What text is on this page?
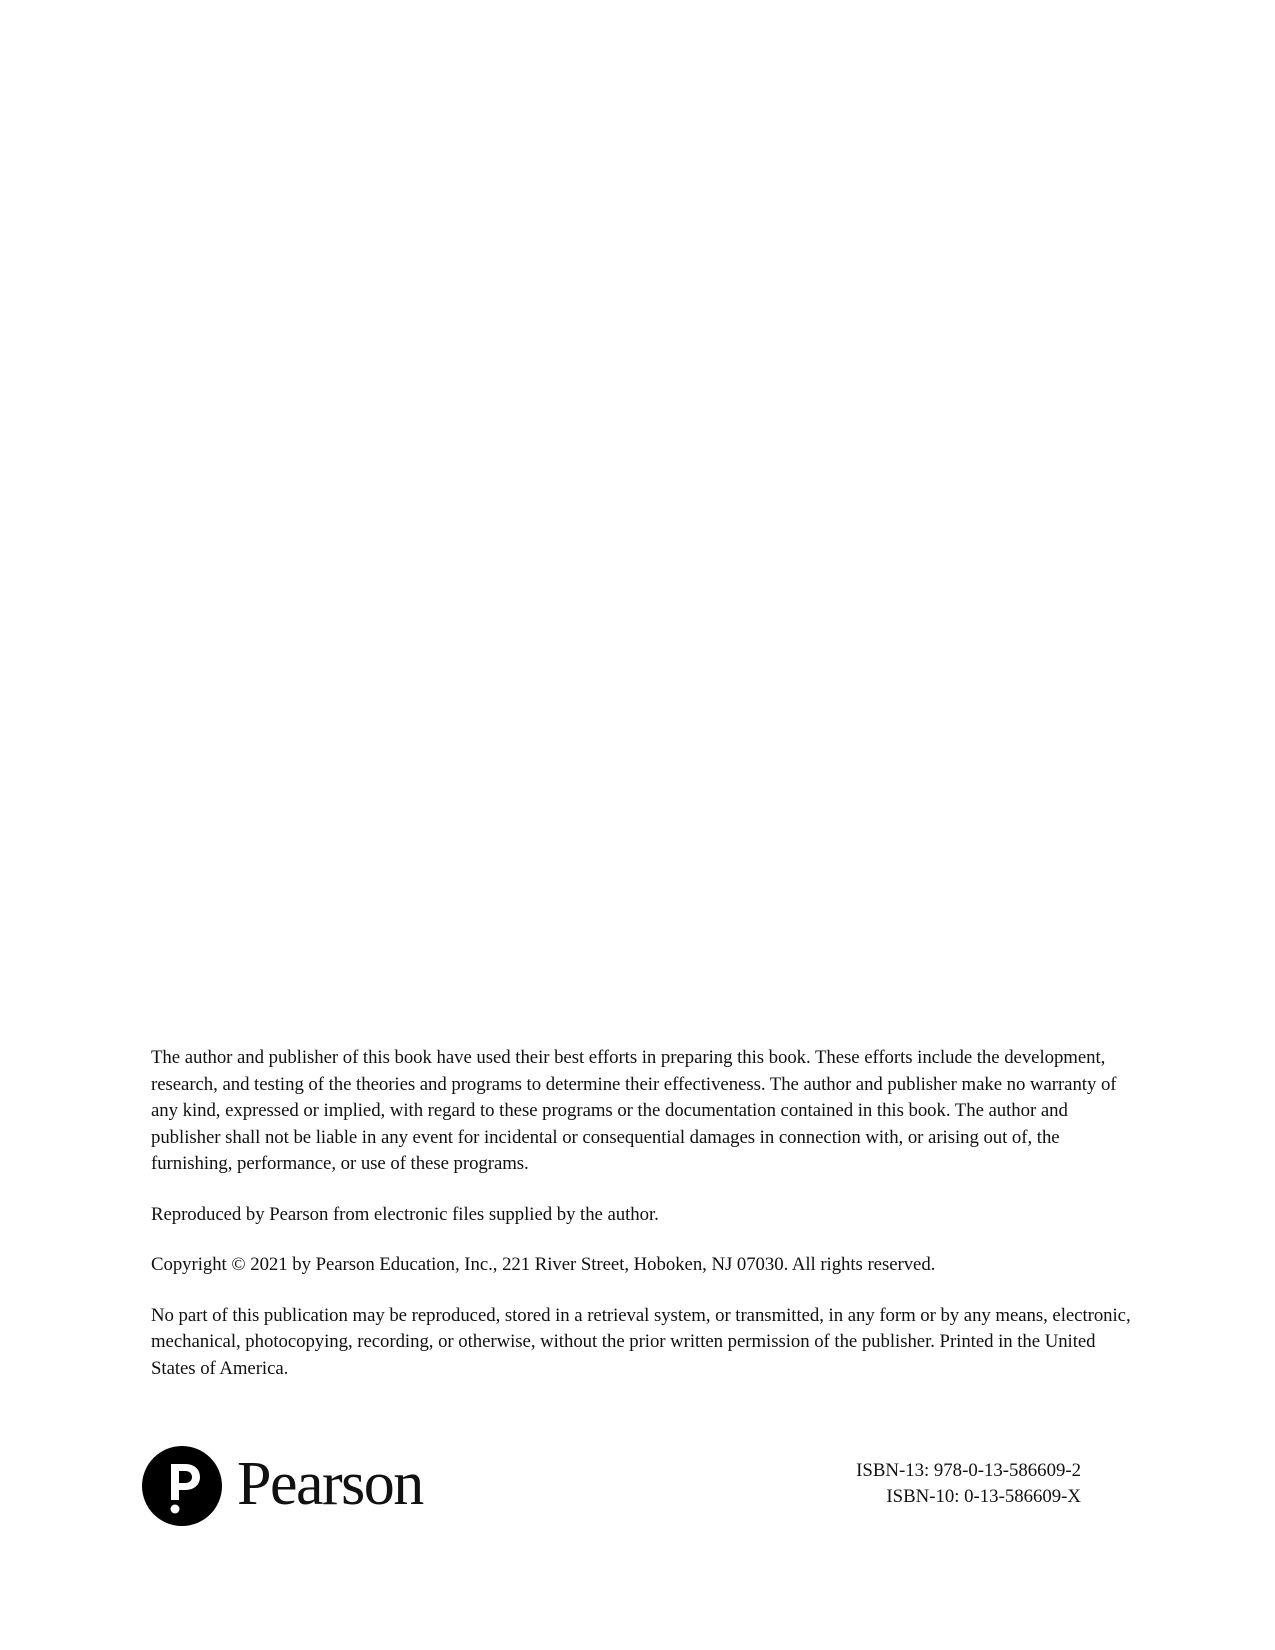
The author and publisher of this book have used their best efforts in preparing this book. These efforts include the development, research, and testing of the theories and programs to determine their effectiveness. The author and publisher make no warranty of any kind, expressed or implied, with regard to these programs or the documentation contained in this book. The author and publisher shall not be liable in any event for incidental or consequential damages in connection with, or arising out of, the furnishing, performance, or use of these programs.

Reproduced by Pearson from electronic files supplied by the author.

Copyright © 2021 by Pearson Education, Inc., 221 River Street, Hoboken, NJ 07030. All rights reserved.

No part of this publication may be reproduced, stored in a retrieval system, or transmitted, in any form or by any means, electronic, mechanical, photocopying, recording, or otherwise, without the prior written permission of the publisher. Printed in the United States of America.

Pearson	ISBN-13: 978-0-13-586609-2
ISBN-10: 0-13-586609-X
